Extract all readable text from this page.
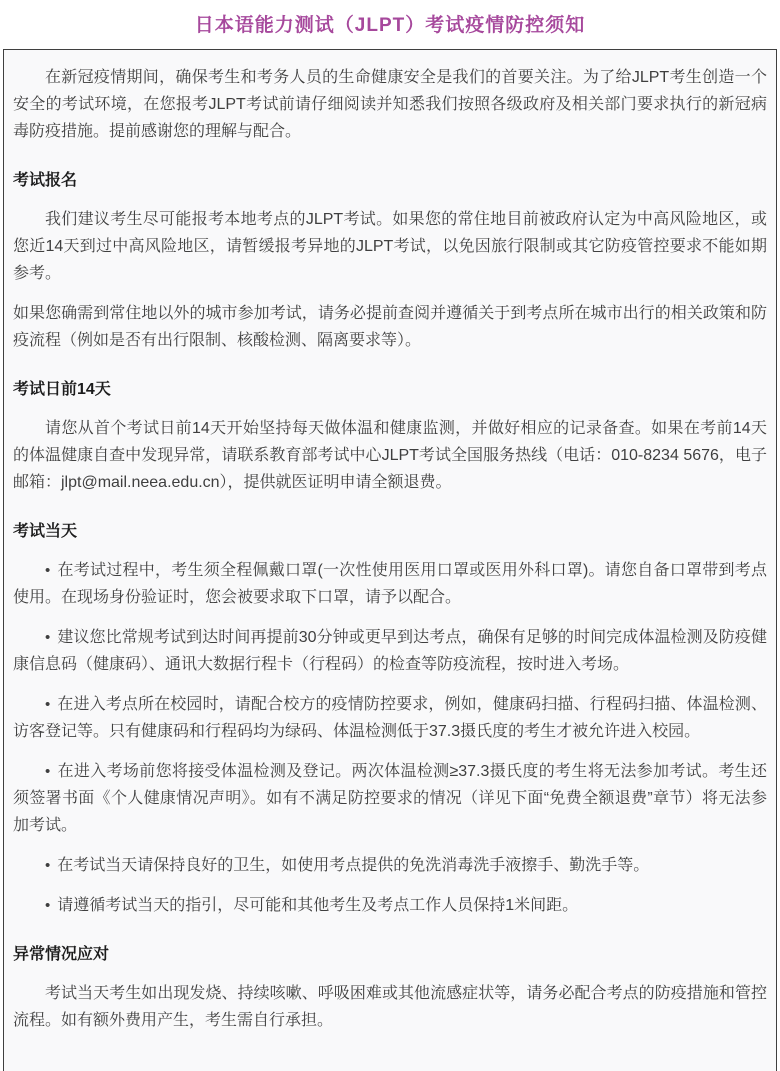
日本语能力测试（JLPT）考试疫情防控须知

在新冠疫情期间，确保考生和考务人员的生命健康安全是我们的首要关注。为了给JLPT考生创造一个安全的考试环境，在您报考JLPT考试前请仔细阅读并知悉我们按照各级政府及相关部门要求执行的新冠病毒防疫措施。提前感谢您的理解与配合。

考试报名

我们建议考生尽可能报考本地考点的JLPT考试。如果您的常住地目前被政府认定为中高风险地区，或您近14天到过中高风险地区，请暂缓报考异地的JLPT考试，以免因旅行限制或其它防疫管控要求不能如期参考。

如果您确需到常住地以外的城市参加考试，请务必提前查阅并遵循关于到考点所在城市出行的相关政策和防疫流程（例如是否有出行限制、核酸检测、隔离要求等）。

考试日前14天

请您从首个考试日前14天开始坚持每天做体温和健康监测，并做好相应的记录备查。如果在考前14天的体温健康自查中发现异常，请联系教育部考试中心JLPT考试全国服务热线（电话：010-8234 5676，电子邮箱：jlpt@mail.neea.edu.cn），提供就医证明申请全额退费。

考试当天

• 在考试过程中，考生须全程佩戴口罩(一次性使用医用口罩或医用外科口罩)。请您自备口罩带到考点使用。在现场身份验证时，您会被要求取下口罩，请予以配合。

• 建议您比常规考试到达时间再提前30分钟或更早到达考点，确保有足够的时间完成体温检测及防疫健康信息码（健康码）、通讯大数据行程卡（行程码）的检查等防疫流程，按时进入考场。

• 在进入考点所在校园时，请配合校方的疫情防控要求，例如，健康码扫描、行程码扫描、体温检测、访客登记等。只有健康码和行程码均为绿码、体温检测低于37.3摄氏度的考生才被允许进入校园。

• 在进入考场前您将接受体温检测及登记。两次体温检测≥37.3摄氏度的考生将无法参加考试。考生还须签署书面《个人健康情况声明》。如有不满足防控要求的情况（详见下面“免费全额退费”章节）将无法参加考试。

• 在考试当天请保持良好的卫生，如使用考点提供的免洗消毒洗手液擦手、勤洗手等。

• 请遵循考试当天的指引，尽可能和其他考生及考点工作人员保持1米间距。

异常情况应对

考试当天考生如出现发烧、持续咳嗽、呼吸困难或其他流感症状等，请务必配合考点的防疫措施和管控流程。如有额外费用产生，考生需自行承担。
